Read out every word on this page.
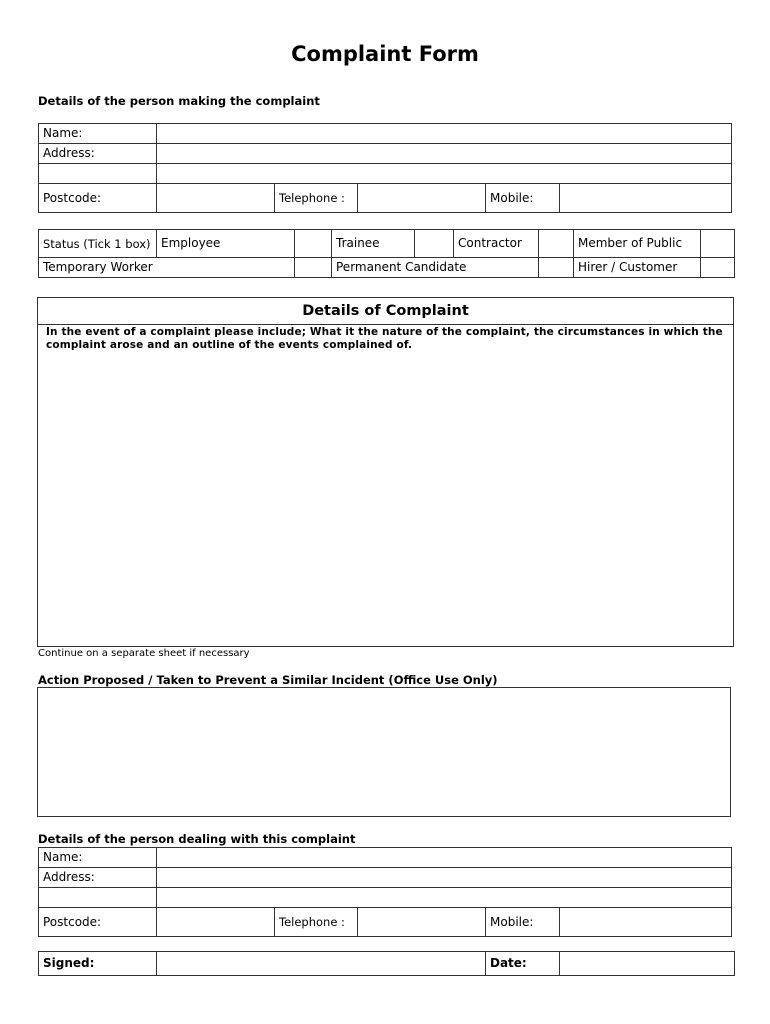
Complaint Form
Details of the person making the complaint
Name:					
Address:					

Postcode:		Telephone :		Mobile:	
Status (Tick 1 box)	Employee		Trainee		Contractor		Member of Public	
Temporary Worker			Permanent Candidate				Hirer / Customer	
Details of Complaint
In the event of a complaint please include; What it the nature of the complaint, the circumstances in which the complaint arose and an outline of the events complained of.
Continue on a separate sheet if necessary
Action Proposed / Taken to Prevent a Similar Incident (Office Use Only)
Details of the person dealing with this complaint
Name:					
Address:					

Postcode:		Telephone :		Mobile:	
Signed:		Date:	
